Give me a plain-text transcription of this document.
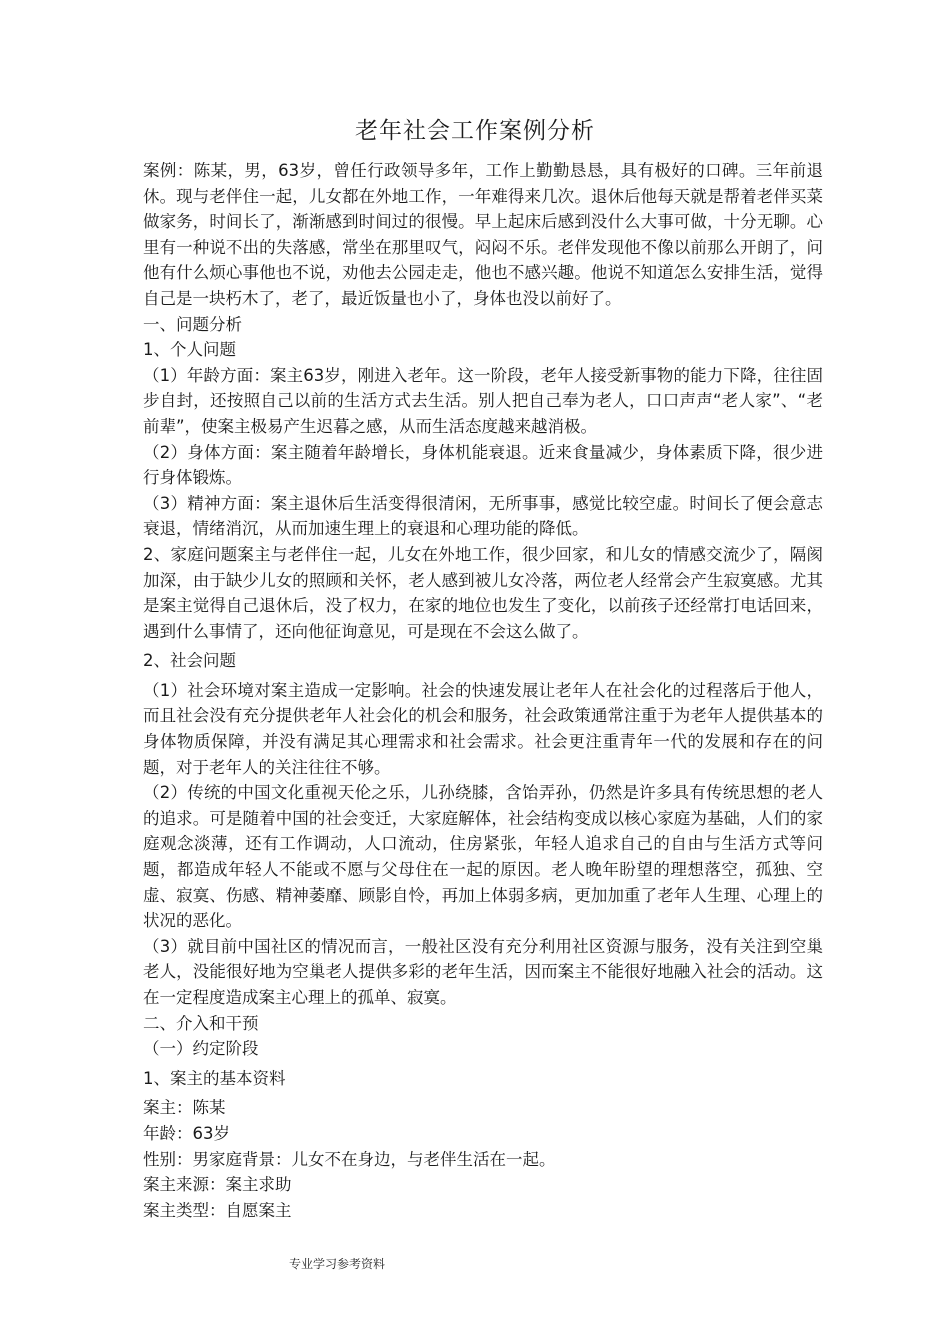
老年社会工作案例分析

案例：陈某，男，63岁，曾任行政领导多年，工作上勤勤恳恳，具有极好的口碑。三年前退休。现与老伴住一起，儿女都在外地工作，一年难得来几次。退休后他每天就是帮着老伴买菜做家务，时间长了，渐渐感到时间过的很慢。早上起床后感到没什么大事可做，十分无聊。心里有一种说不出的失落感，常坐在那里叹气，闷闷不乐。老伴发现他不像以前那么开朗了，问他有什么烦心事他也不说，劝他去公园走走，他也不感兴趣。他说不知道怎么安排生活，觉得自己是一块朽木了，老了，最近饭量也小了，身体也没以前好了。

一、问题分析

1、个人问题

（1）年龄方面：案主63岁，刚进入老年。这一阶段，老年人接受新事物的能力下降，往往固步自封，还按照自己以前的生活方式去生活。别人把自己奉为老人，口口声声“老人家”、“老前辈”，使案主极易产生迟暮之感，从而生活态度越来越消极。

（2）身体方面：案主随着年龄增长，身体机能衰退。近来食量减少，身体素质下降，很少进行身体锻炼。

（3）精神方面：案主退休后生活变得很清闲，无所事事，感觉比较空虚。时间长了便会意志衰退，情绪消沉，从而加速生理上的衰退和心理功能的降低。

2、家庭问题案主与老伴住一起，儿女在外地工作，很少回家，和儿女的情感交流少了，隔阂加深，由于缺少儿女的照顾和关怀，老人感到被儿女冷落，两位老人经常会产生寂寞感。尤其是案主觉得自己退休后，没了权力，在家的地位也发生了变化，以前孩子还经常打电话回来，遇到什么事情了，还向他征询意见，可是现在不会这么做了。

2、社会问题

（1）社会环境对案主造成一定影响。社会的快速发展让老年人在社会化的过程落后于他人，而且社会没有充分提供老年人社会化的机会和服务，社会政策通常注重于为老年人提供基本的身体物质保障，并没有满足其心理需求和社会需求。社会更注重青年一代的发展和存在的问题，对于老年人的关注往往不够。

（2）传统的中国文化重视天伦之乐，儿孙绕膝，含饴弄孙，仍然是许多具有传统思想的老人的追求。可是随着中国的社会变迁，大家庭解体，社会结构变成以核心家庭为基础，人们的家庭观念淡薄，还有工作调动，人口流动，住房紧张，年轻人追求自己的自由与生活方式等问题，都造成年轻人不能或不愿与父母住在一起的原因。老人晚年盼望的理想落空，孤独、空虚、寂寞、伤感、精神萎靡、顾影自怜，再加上体弱多病，更加加重了老年人生理、心理上的状况的恶化。

（3）就目前中国社区的情况而言，一般社区没有充分利用社区资源与服务，没有关注到空巢老人，没能很好地为空巢老人提供多彩的老年生活，因而案主不能很好地融入社会的活动。这在一定程度造成案主心理上的孤单、寂寞。

二、介入和干预

（一）约定阶段

1、案主的基本资料

案主：陈某

年龄：63岁

性别：男家庭背景：儿女不在身边，与老伴生活在一起。

案主来源：案主求助

案主类型：自愿案主

专业学习参考资料
